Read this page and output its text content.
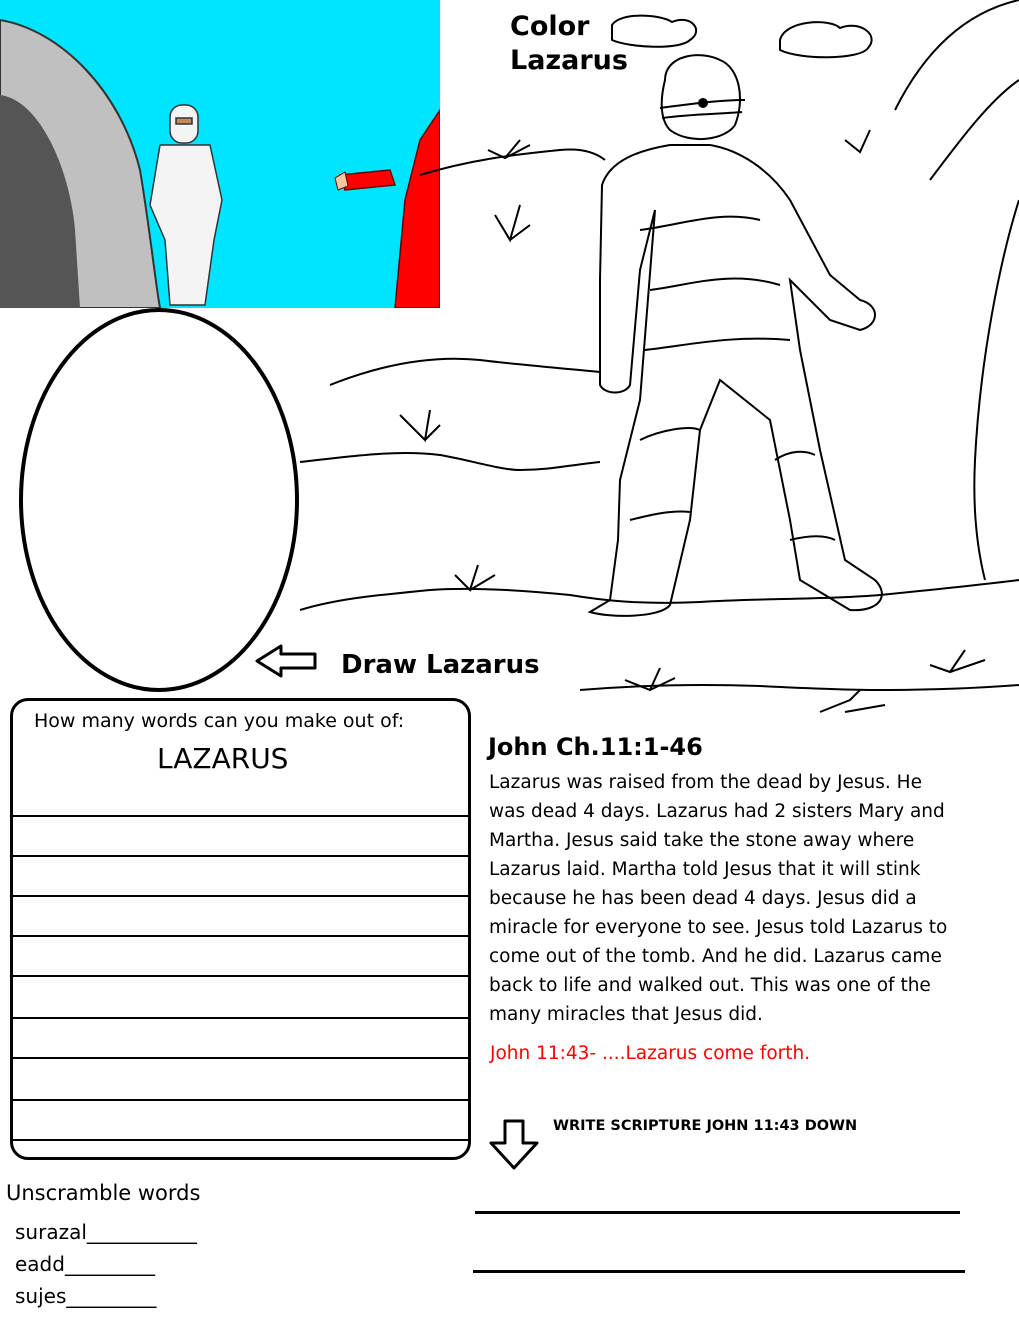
Color
Lazarus
Draw Lazarus
How many words can you make out of:
LAZARUS	John Ch.11:1-46
Lazarus was raised from the dead by Jesus. He
was dead 4 days. Lazarus had 2 sisters Mary and
Martha. Jesus said take the stone away where
Lazarus laid. Martha told Jesus that it will stink
because he has been dead 4 days. Jesus did a
miracle for everyone to see. Jesus told Lazarus to
come out of the tomb. And he did. Lazarus came
back to life and walked out. This was one of the
many miracles that Jesus did.
John 11:43- ....Lazarus come forth.
WRITE SCRIPTURE JOHN 11:43 DOWN
Unscramble words
surazal___________
eadd_________
sujes_________
